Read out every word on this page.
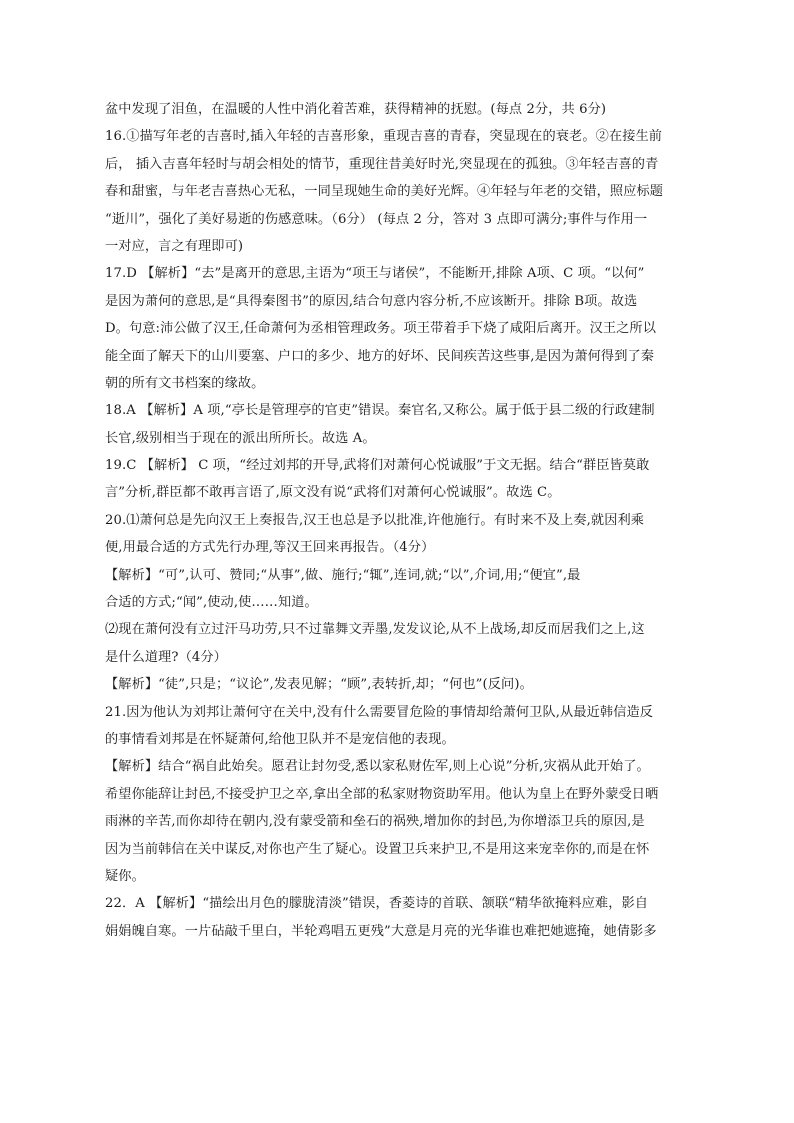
盆中发现了泪鱼，在温暖的人性中消化着苦难，获得精神的抚慰。(每点 2分，共 6分)
16.①描写年老的吉喜时,插入年轻的吉喜形象，重现吉喜的青春，突显现在的衰老。②在接生前
后， 插入吉喜年轻时与胡会相处的情节，重现往昔美好时光,突显现在的孤独。③年轻吉喜的青
春和甜蜜，与年老吉喜热心无私，一同呈现她生命的美好光辉。④年轻与年老的交错，照应标题
“逝川”，强化了美好易逝的伤感意味。（6分） (每点 2 分，答对 3 点即可满分;事件与作用一
一对应，言之有理即可)
17.D 【解析】“去”是离开的意思,主语为“项王与诸侯”，不能断开,排除 A项、C 项。“以何”
是因为萧何的意思,是“具得秦图书”的原因,结合句意内容分析,不应该断开。排除 B项。故选
D。句意:沛公做了汉王,任命萧何为丞相管理政务。项王带着手下烧了咸阳后离开。汉王之所以
能全面了解天下的山川要塞、户口的多少、地方的好坏、民间疾苦这些事,是因为萧何得到了秦
朝的所有文书档案的缘故。
18.A 【解析】A 项,“亭长是管理亭的官吏”错误。秦官名,又称公。属于低于县二级的行政建制
长官,级别相当于现在的派出所所长。故选 A。
19.C 【解析】 C 项，“经过刘邦的开导,武将们对萧何心悦诚服”于文无据。结合“群臣皆莫敢
言”分析,群臣都不敢再言语了,原文没有说“武将们对萧何心悦诚服”。故选 C。
20.⑴萧何总是先向汉王上奏报告,汉王也总是予以批准,许他施行。有时来不及上奏,就因利乘
便,用最合适的方式先行办理,等汉王回来再报告。（4分）
【解析】“可”,认可、赞同;“从事”,做、施行;“辄”,连词,就;“以”,介词,用;“便宜”,最
合适的方式;“闻”,使动,使……知道。
⑵现在萧何没有立过汗马功劳,只不过靠舞文弄墨,发发议论,从不上战场,却反而居我们之上,这
是什么道理?（4分）
【解析】“徒”,只是；“议论”,发表见解；“顾”,表转折,却；“何也”(反问)。
21.因为他认为刘邦让萧何守在关中,没有什么需要冒危险的事情却给萧何卫队,从最近韩信造反
的事情看刘邦是在怀疑萧何,给他卫队并不是宠信他的表现。
【解析】结合“祸自此始矣。愿君让封勿受,悉以家私财佐军,则上心说”分析,灾祸从此开始了。
希望你能辞让封邑,不接受护卫之卒,拿出全部的私家财物资助军用。他认为皇上在野外蒙受日晒
雨淋的辛苦,而你却待在朝内,没有蒙受箭和垒石的祸殃,增加你的封邑,为你增添卫兵的原因,是
因为当前韩信在关中谋反,对你也产生了疑心。设置卫兵来护卫,不是用这来宠幸你的,而是在怀
疑你。
22．A 【解析】“描绘出月色的朦胧清淡”错误，香菱诗的首联、颔联“精华欲掩料应难，影自
娟娟魄自寒。一片砧敲千里白，半轮鸡唱五更残”大意是月亮的光华谁也难把她遮掩，她倩影多
